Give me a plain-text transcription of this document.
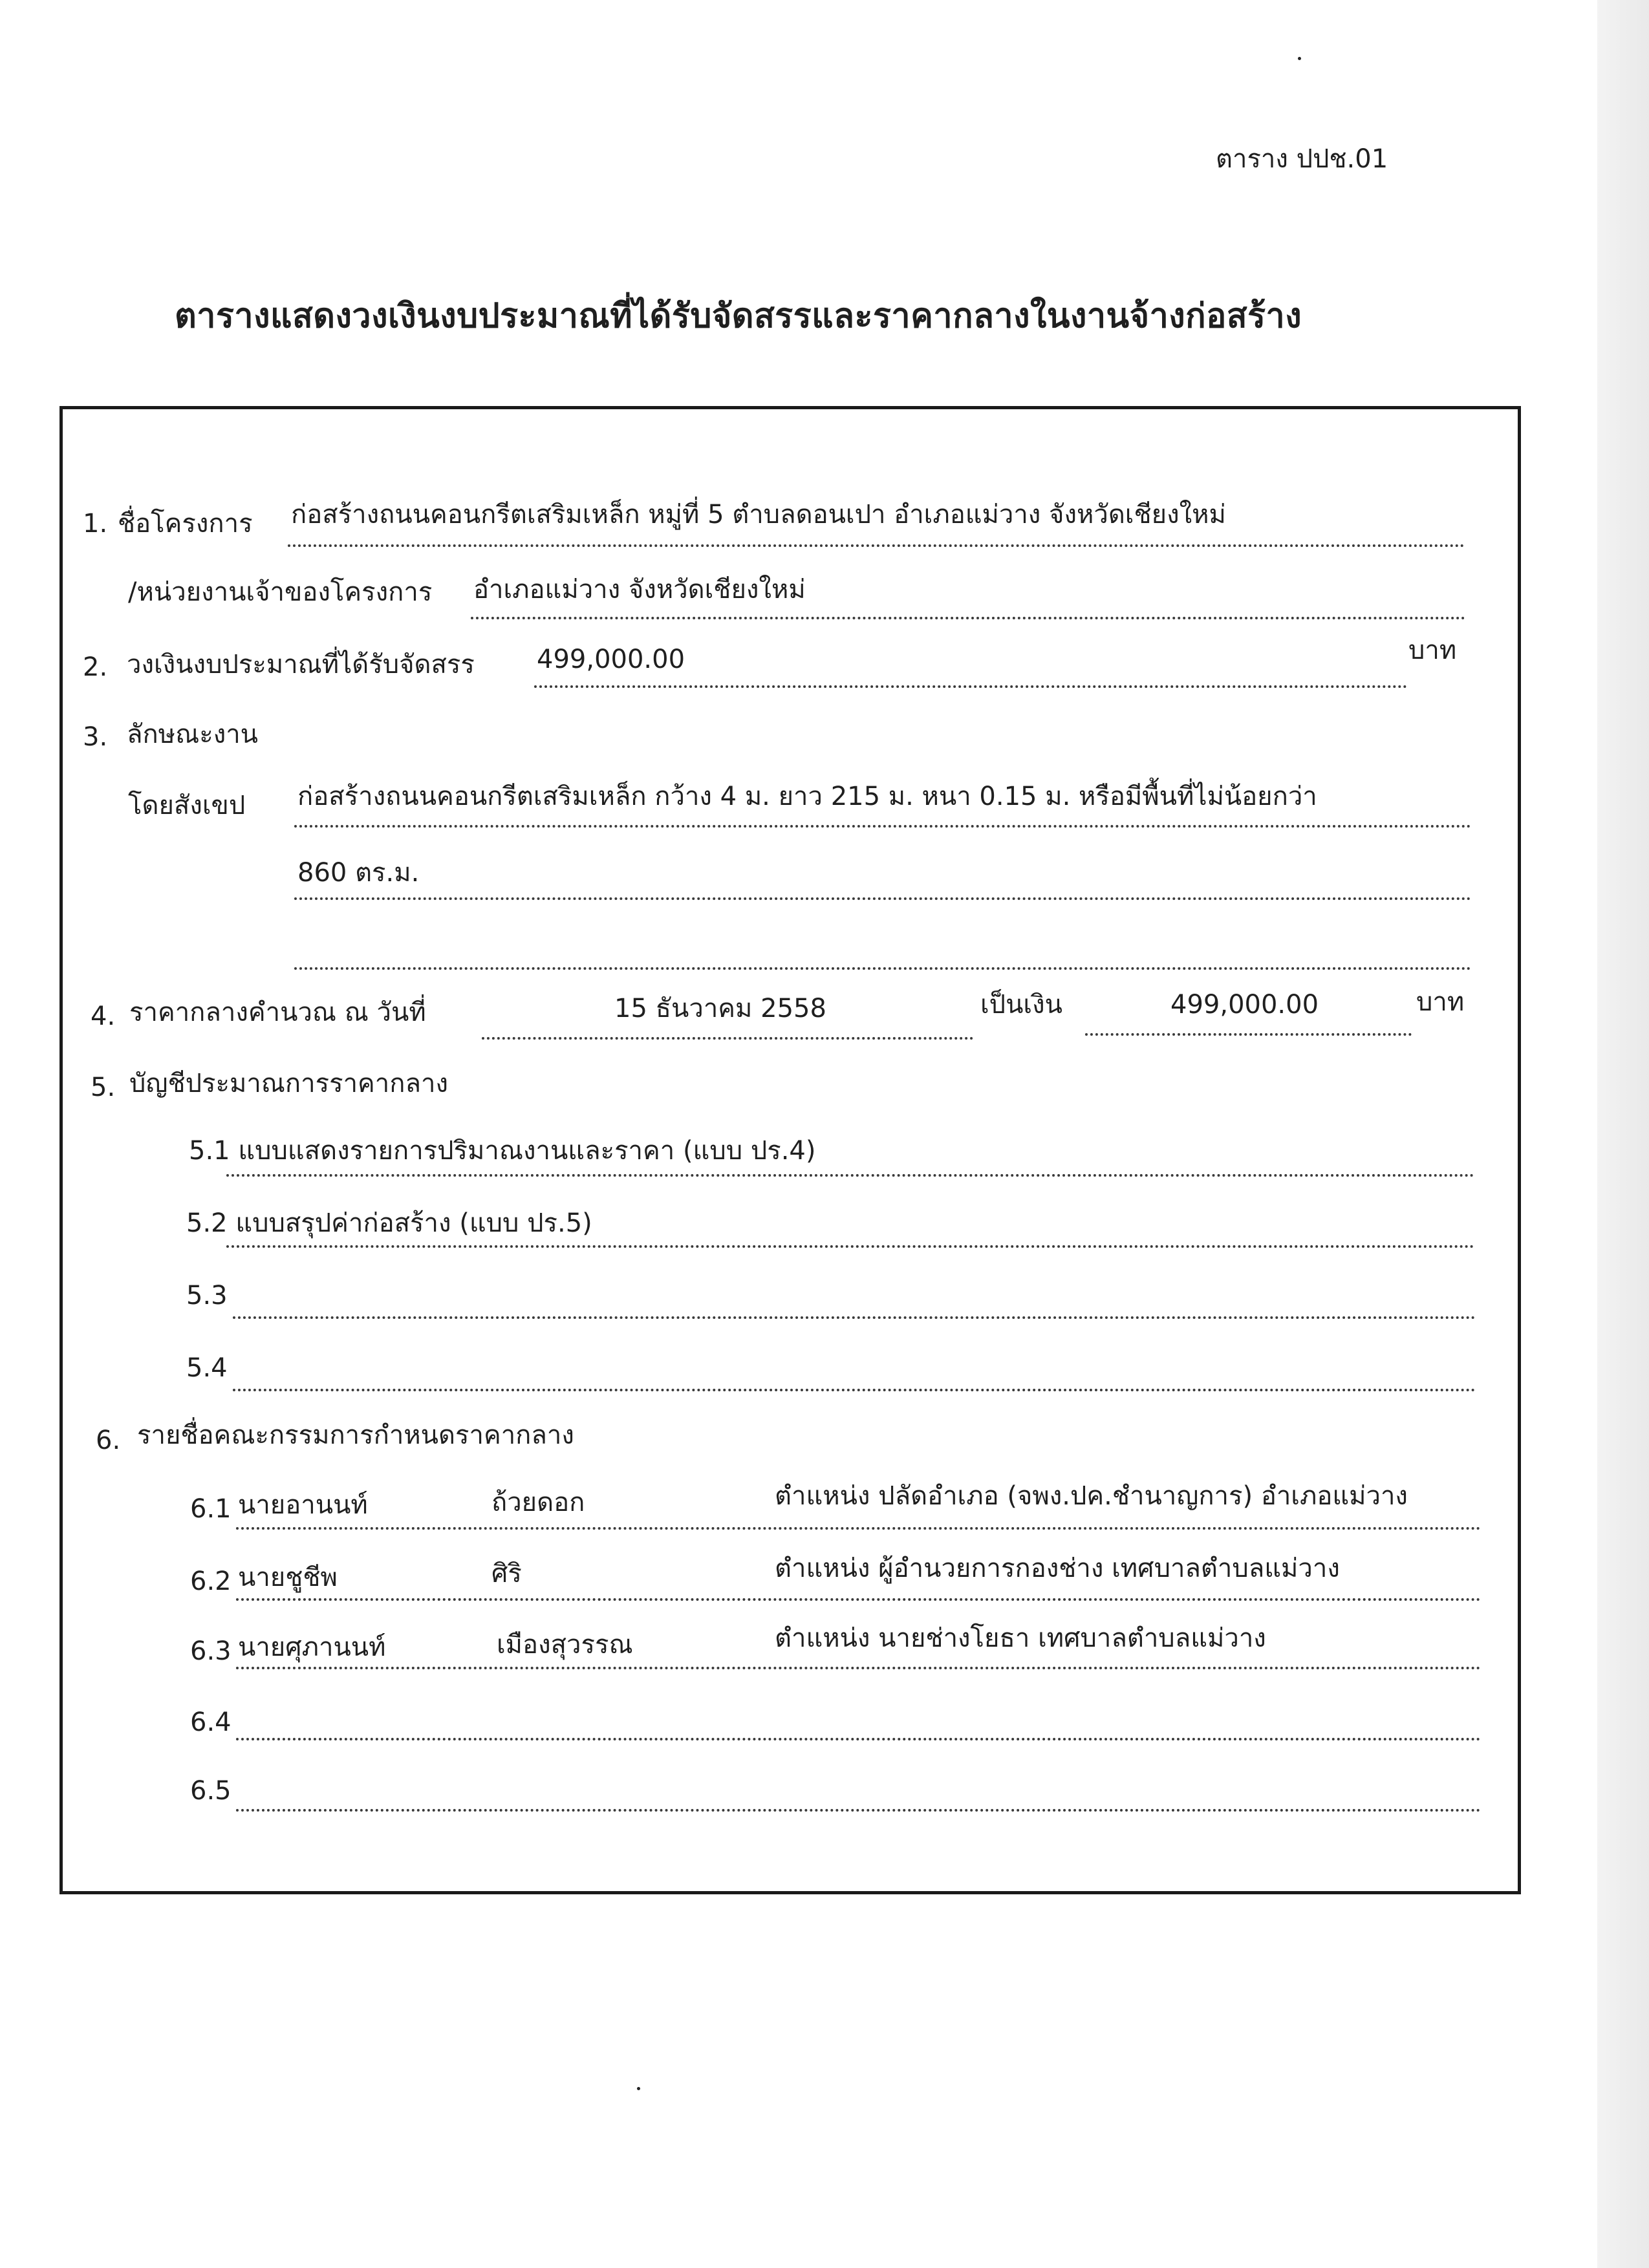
ตาราง ปปช.01
ตารางแสดงวงเงินงบประมาณที่ได้รับจัดสรรและราคากลางในงานจ้างก่อสร้าง
1. ชื่อโครงการ ก่อสร้างถนนคอนกรีตเสริมเหล็ก หมู่ที่ 5 ตำบลดอนเปา อำเภอแม่วาง จังหวัดเชียงใหม่
/หน่วยงานเจ้าของโครงการ อำเภอแม่วาง จังหวัดเชียงใหม่
2. วงเงินงบประมาณที่ได้รับจัดสรร 499,000.00	บาท
3. ลักษณะงาน
โดยสังเขป ก่อสร้างถนนคอนกรีตเสริมเหล็ก กว้าง 4 ม. ยาว 215 ม. หนา 0.15 ม. หรือมีพื้นที่ไม่น้อยกว่า
860 ตร.ม.
4. ราคากลางคำนวณ ณ วันที่	15 ธันวาคม 2558	เป็นเงิน	499,000.00	บาท
5. บัญชีประมาณการราคากลาง
5.1 แบบแสดงรายการปริมาณงานและราคา (แบบ ปร.4)
5.2 แบบสรุปค่าก่อสร้าง (แบบ ปร.5)
5.3
5.4
6. รายชื่อคณะกรรมการกำหนดราคากลาง
6.1 นายอานนท์	ถ้วยดอก	ตำแหน่ง ปลัดอำเภอ (จพง.ปค.ชำนาญการ) อำเภอแม่วาง
6.2 นายชูชีพ	ศิริ	ตำแหน่ง ผู้อำนวยการกองช่าง เทศบาลตำบลแม่วาง
6.3 นายศุภานนท์	เมืองสุวรรณ	ตำแหน่ง นายช่างโยธา เทศบาลตำบลแม่วาง
6.4
6.5
